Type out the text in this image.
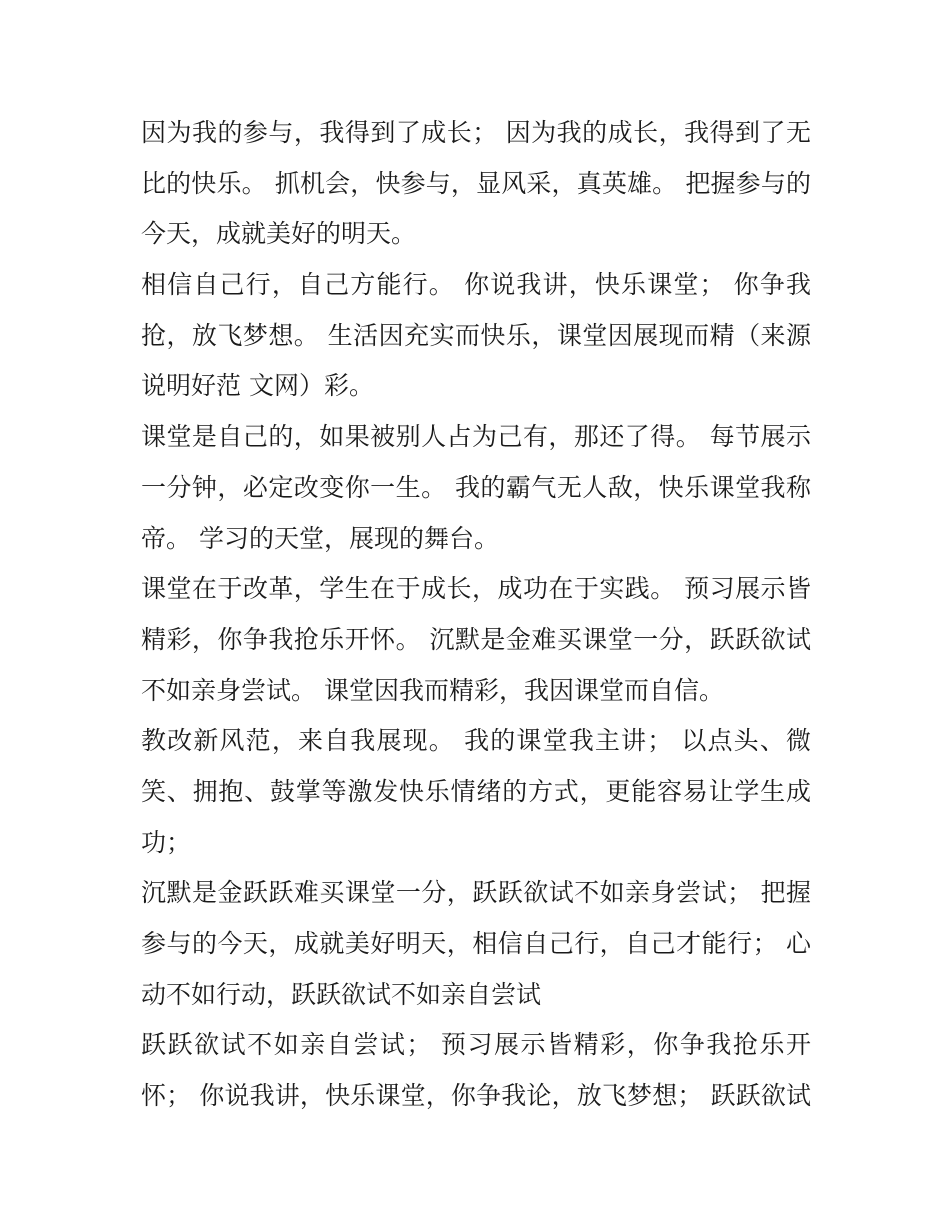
因为我的参与，我得到了成长； 因为我的成长，我得到了无
比的快乐。 抓机会，快参与，显风采，真英雄。 把握参与的
今天，成就美好的明天。
相信自己行，自己方能行。 你说我讲，快乐课堂； 你争我
抢，放飞梦想。 生活因充实而快乐，课堂因展现而精（来源
说明好范 文网）彩。
课堂是自己的，如果被别人占为己有，那还了得。 每节展示
一分钟，必定改变你一生。 我的霸气无人敌，快乐课堂我称
帝。 学习的天堂，展现的舞台。
课堂在于改革，学生在于成长，成功在于实践。 预习展示皆
精彩，你争我抢乐开怀。 沉默是金难买课堂一分，跃跃欲试
不如亲身尝试。 课堂因我而精彩，我因课堂而自信。
教改新风范，来自我展现。 我的课堂我主讲； 以点头、微
笑、拥抱、鼓掌等激发快乐情绪的方式，更能容易让学生成
功；
沉默是金跃跃难买课堂一分，跃跃欲试不如亲身尝试； 把握
参与的今天，成就美好明天，相信自己行，自己才能行； 心
动不如行动，跃跃欲试不如亲自尝试
跃跃欲试不如亲自尝试； 预习展示皆精彩，你争我抢乐开
怀； 你说我讲，快乐课堂，你争我论，放飞梦想； 跃跃欲试
